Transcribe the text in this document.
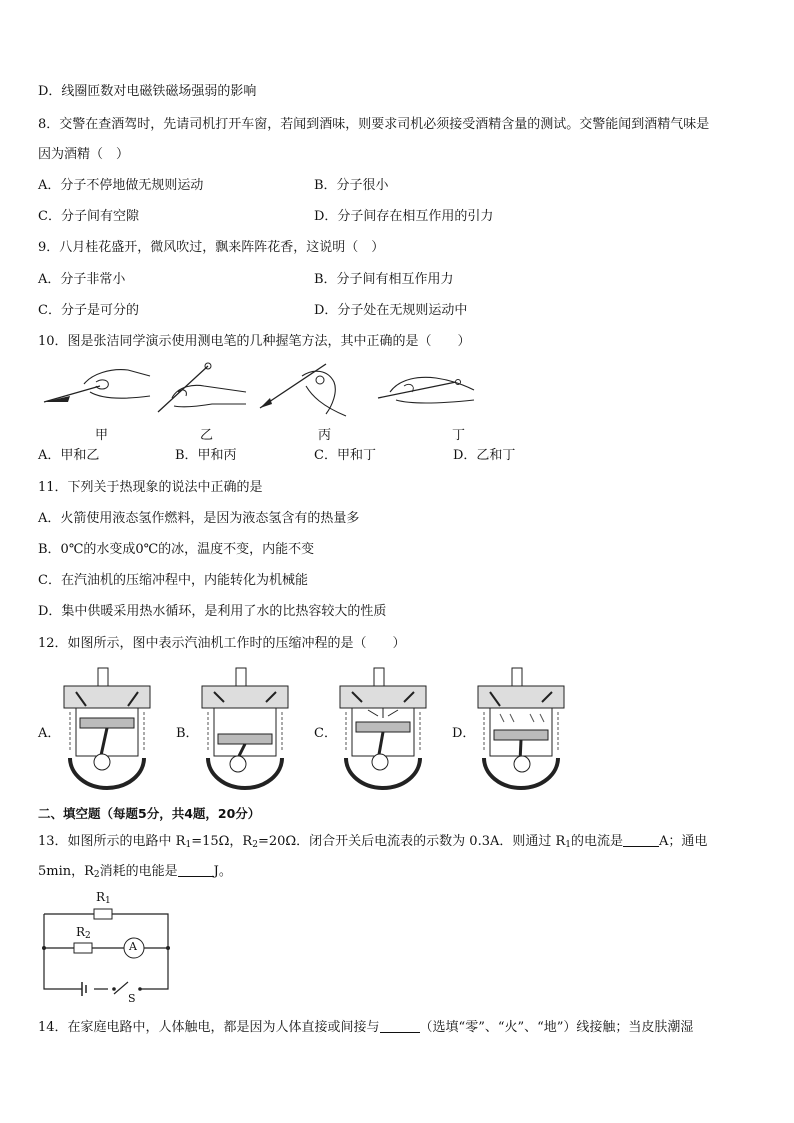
D．线圈匝数对电磁铁磁场强弱的影响
8．交警在查酒驾时，先请司机打开车窗，若闻到酒味，则要求司机必须接受酒精含量的测试。交警能闻到酒精气味是
因为酒精（　）
A．分子不停地做无规则运动	B．分子很小
C．分子间有空隙	D．分子间存在相互作用的引力
9．八月桂花盛开，微风吹过，飘来阵阵花香，这说明（　）
A．分子非常小	B．分子间有相互作用力
C．分子是可分的	D．分子处在无规则运动中
10．图是张洁同学演示使用测电笔的几种握笔方法，其中正确的是（　　）
甲	乙	丙	丁
A．甲和乙	B．甲和丙	C．甲和丁	D．乙和丁
11．下列关于热现象的说法中正确的是
A．火箭使用液态氢作燃料，是因为液态氢含有的热量多
B．0℃的水变成0℃的冰，温度不变，内能不变
C．在汽油机的压缩冲程中，内能转化为机械能
D．集中供暖采用热水循环，是利用了水的比热容较大的性质
12．如图所示，图中表示汽油机工作时的压缩冲程的是（　　）
A．	B．	C．	D．
二、填空题（每题5分，共4题，20分）
13．如图所示的电路中 $R_1=15\Omega$，$R_2=20\Omega$．闭合开关后电流表的示数为 0.3A．则通过 $R_1$的电流是	A；通电
5min，$R_2$消耗的电能是	J。
$R_1$
$R_2$
A
S
14．在家庭电路中，人体触电，都是因为人体直接或间接与	（选填“零”、“火”、“地”）线接触；当皮肤潮湿
